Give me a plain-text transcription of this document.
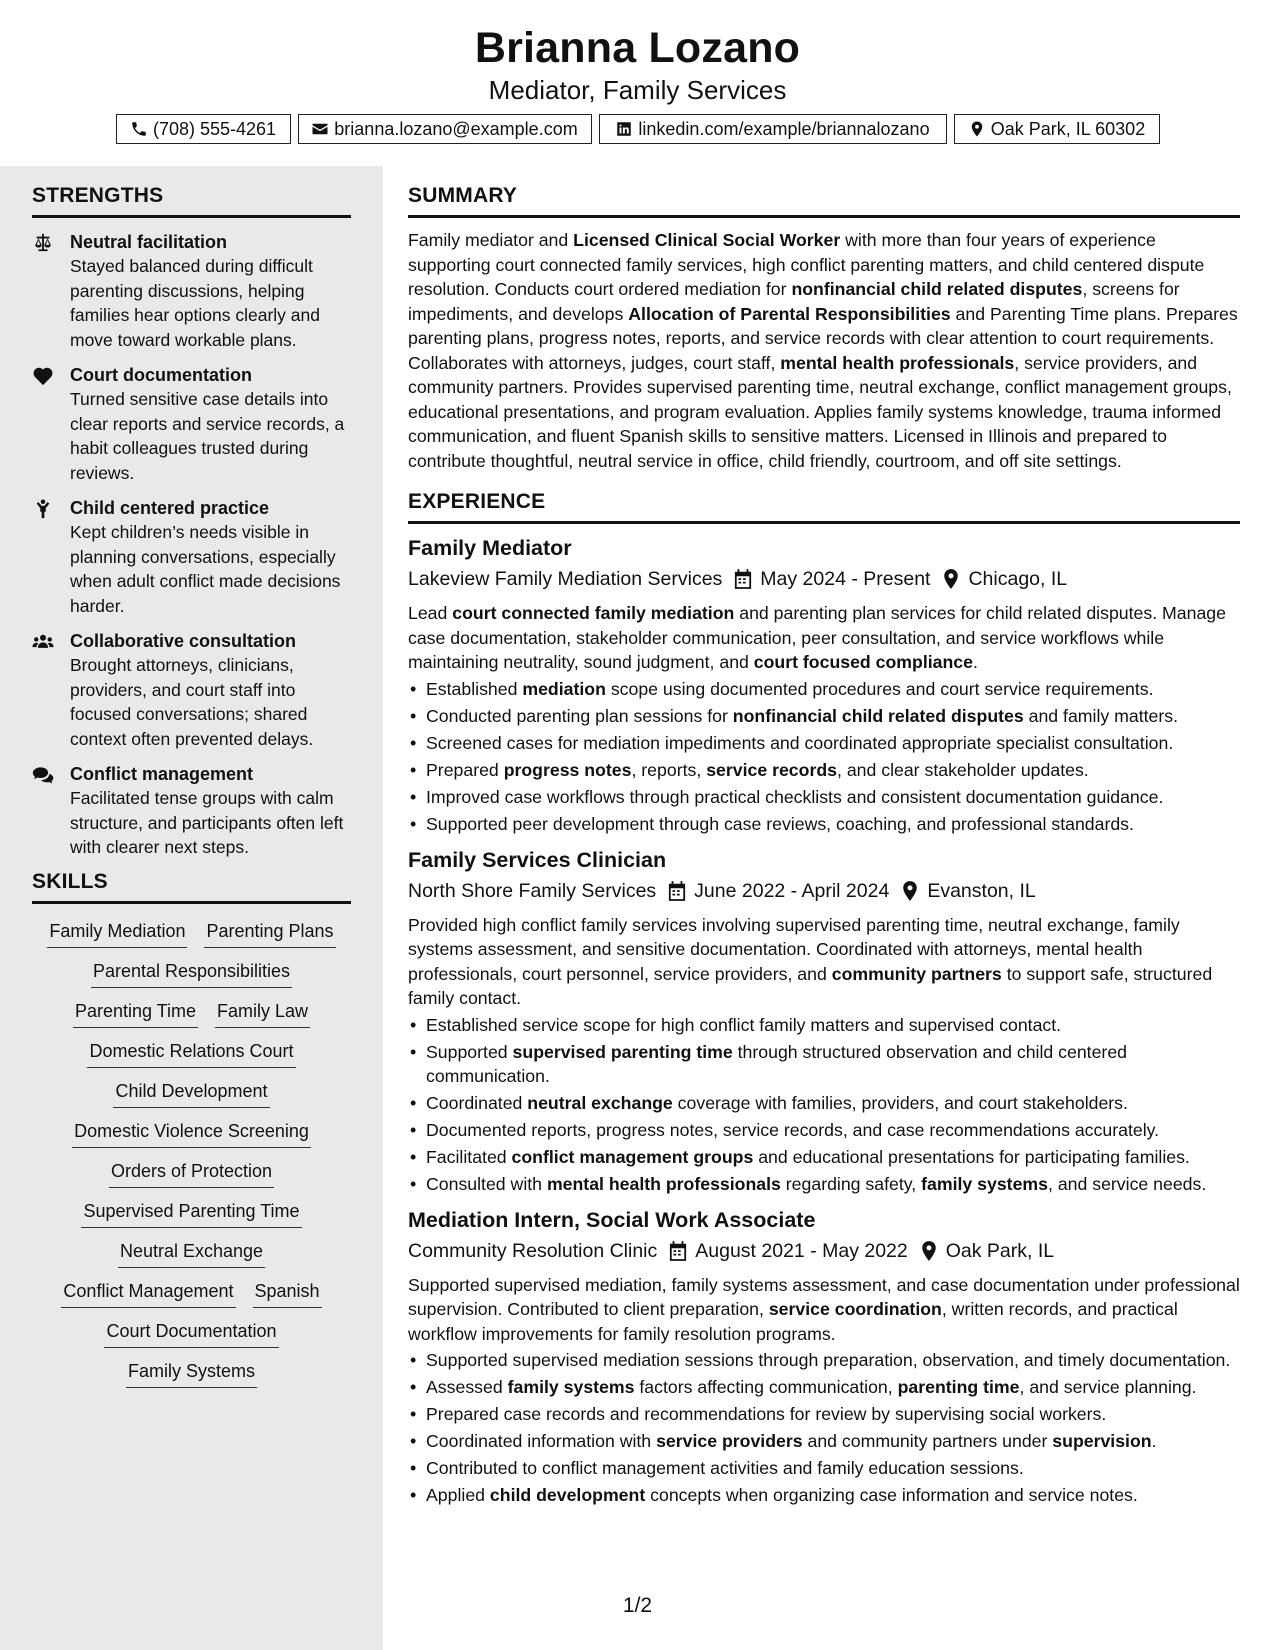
Brianna Lozano
Mediator, Family Services
(708) 555-4261	brianna.lozano@example.com	linkedin.com/example/briannalozano	Oak Park, IL 60302
STRENGTHS
Neutral facilitation
Stayed balanced during difficult parenting discussions, helping families hear options clearly and move toward workable plans.
Court documentation
Turned sensitive case details into clear reports and service records, a habit colleagues trusted during reviews.
Child centered practice
Kept children’s needs visible in planning conversations, especially when adult conflict made decisions harder.
Collaborative consultation
Brought attorneys, clinicians, providers, and court staff into focused conversations; shared context often prevented delays.
Conflict management
Facilitated tense groups with calm structure, and participants often left with clearer next steps.
SKILLS
Family Mediation Parenting Plans
Parental Responsibilities
Parenting Time Family Law
Domestic Relations Court
Child Development
Domestic Violence Screening
Orders of Protection
Supervised Parenting Time
Neutral Exchange
Conflict Management Spanish
Court Documentation
Family Systems
SUMMARY

Family mediator and Licensed Clinical Social Worker with more than four years of experience supporting court connected family services, high conflict parenting matters, and child centered dispute resolution. Conducts court ordered mediation for nonfinancial child related disputes, screens for impediments, and develops Allocation of Parental Responsibilities and Parenting Time plans. Prepares parenting plans, progress notes, reports, and service records with clear attention to court requirements. Collaborates with attorneys, judges, court staff, mental health professionals, service providers, and community partners. Provides supervised parenting time, neutral exchange, conflict management groups, educational presentations, and program evaluation. Applies family systems knowledge, trauma informed communication, and fluent Spanish skills to sensitive matters. Licensed in Illinois and prepared to contribute thoughtful, neutral service in office, child friendly, courtroom, and off site settings.

EXPERIENCE
Family Mediator
Lakeview Family Mediation Services May 2024 - Present Chicago, IL

Lead court connected family mediation and parenting plan services for child related disputes. Manage case documentation, stakeholder communication, peer consultation, and service workflows while maintaining neutrality, sound judgment, and court focused compliance.

• Established mediation scope using documented procedures and court service requirements.
• Conducted parenting plan sessions for nonfinancial child related disputes and family matters.
• Screened cases for mediation impediments and coordinated appropriate specialist consultation.
• Prepared progress notes, reports, service records, and clear stakeholder updates.
• Improved case workflows through practical checklists and consistent documentation guidance.
• Supported peer development through case reviews, coaching, and professional standards.
Family Services Clinician
North Shore Family Services June 2022 - April 2024 Evanston, IL

Provided high conflict family services involving supervised parenting time, neutral exchange, family systems assessment, and sensitive documentation. Coordinated with attorneys, mental health professionals, court personnel, service providers, and community partners to support safe, structured family contact.

• Established service scope for high conflict family matters and supervised contact.
• Supported supervised parenting time through structured observation and child centered communication.
• Coordinated neutral exchange coverage with families, providers, and court stakeholders.
• Documented reports, progress notes, service records, and case recommendations accurately.
• Facilitated conflict management groups and educational presentations for participating families.
• Consulted with mental health professionals regarding safety, family systems, and service needs.
Mediation Intern, Social Work Associate
Community Resolution Clinic August 2021 - May 2022 Oak Park, IL

Supported supervised mediation, family systems assessment, and case documentation under professional supervision. Contributed to client preparation, service coordination, written records, and practical workflow improvements for family resolution programs.

• Supported supervised mediation sessions through preparation, observation, and timely documentation.
• Assessed family systems factors affecting communication, parenting time, and service planning.
• Prepared case records and recommendations for review by supervising social workers.
• Coordinated information with service providers and community partners under supervision.
• Contributed to conflict management activities and family education sessions.
• Applied child development concepts when organizing case information and service notes.
1/2
